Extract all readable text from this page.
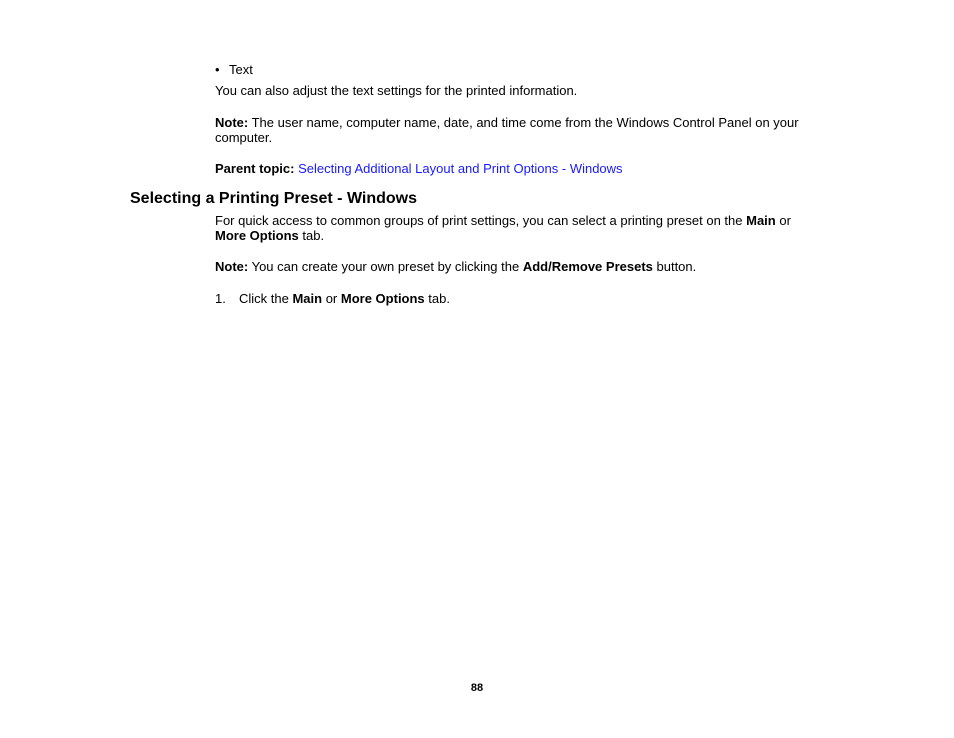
• Text

You can also adjust the text settings for the printed information.

Note: The user name, computer name, date, and time come from the Windows Control Panel on your computer.

Parent topic: Selecting Additional Layout and Print Options - Windows

Selecting a Printing Preset - Windows

For quick access to common groups of print settings, you can select a printing preset on the Main or
More Options tab.

Note: You can create your own preset by clicking the Add/Remove Presets button.

1.	Click the Main or More Options tab.
88
